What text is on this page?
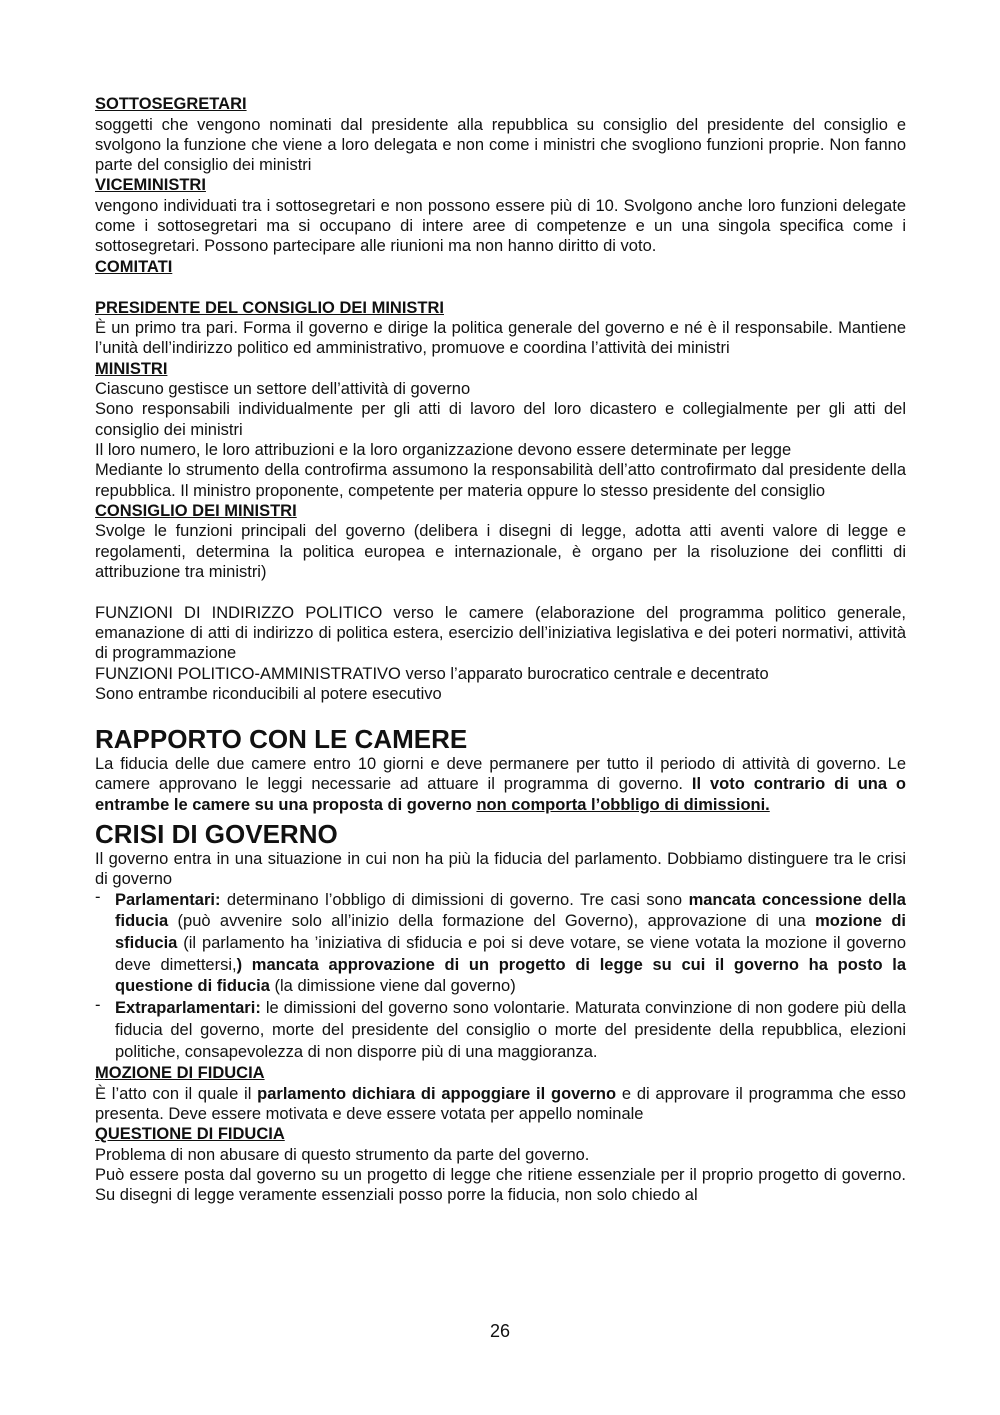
SOTTOSEGRETARI
soggetti che vengono nominati dal presidente alla repubblica su consiglio del presidente del consiglio e svolgono la funzione che viene a loro delegata e non come i ministri che svogliono funzioni proprie. Non fanno parte del consiglio dei ministri
VICEMINISTRI
vengono individuati tra i sottosegretari e non possono essere più di 10. Svolgono anche loro funzioni delegate come i sottosegretari ma si occupano di intere aree di competenze e un una singola specifica come i sottosegretari. Possono partecipare alle riunioni ma non hanno diritto di voto.
COMITATI
PRESIDENTE DEL CONSIGLIO DEI MINISTRI
È un primo tra pari. Forma il governo e dirige la politica generale del governo e né è il responsabile. Mantiene l’unità dell’indirizzo politico ed amministrativo, promuove e coordina l’attività dei ministri
MINISTRI
Ciascuno gestisce un settore dell’attività di governo
Sono responsabili individualmente per gli atti di lavoro del loro dicastero e collegialmente per gli atti del consiglio dei ministri
Il loro numero, le loro attribuzioni e la loro organizzazione devono essere determinate per legge
Mediante lo strumento della controfirma assumono la responsabilità dell’atto controfirmato dal presidente della repubblica. Il ministro proponente, competente per materia oppure lo stesso presidente del consiglio
CONSIGLIO DEI MINISTRI
Svolge le funzioni principali del governo (delibera i disegni di legge, adotta atti aventi valore di legge e regolamenti, determina la politica europea e internazionale, è organo per la risoluzione dei conflitti di attribuzione tra ministri)
FUNZIONI DI INDIRIZZO POLITICO verso le camere (elaborazione del programma politico generale, emanazione di atti di indirizzo di politica estera, esercizio dell’iniziativa legislativa e dei poteri normativi, attività di programmazione
FUNZIONI POLITICO-AMMINISTRATIVO verso l’apparato burocratico centrale e decentrato
Sono entrambe riconducibili al potere esecutivo
RAPPORTO CON LE CAMERE
La fiducia delle due camere entro 10 giorni e deve permanere per tutto il periodo di attività di governo. Le camere approvano le leggi necessarie ad attuare il programma di governo. Il voto contrario di una o entrambe le camere su una proposta di governo non comporta l’obbligo di dimissioni.
CRISI DI GOVERNO
Il governo entra in una situazione in cui non ha più la fiducia del parlamento. Dobbiamo distinguere tra le crisi di governo
- Parlamentari: determinano l’obbligo di dimissioni di governo. Tre casi sono mancata concessione della fiducia (può avvenire solo all’inizio della formazione del Governo), approvazione di una mozione di sfiducia (il parlamento ha ’iniziativa di sfiducia e poi si deve votare, se viene votata la mozione il governo deve dimettersi,) mancata approvazione di un progetto di legge su cui il governo ha posto la questione di fiducia (la dimissione viene dal governo)
- Extraparlamentari: le dimissioni del governo sono volontarie. Maturata convinzione di non godere più della fiducia del governo, morte del presidente del consiglio o morte del presidente della repubblica, elezioni politiche, consapevolezza di non disporre più di una maggioranza.
MOZIONE DI FIDUCIA
È l’atto con il quale il parlamento dichiara di appoggiare il governo e di approvare il programma che esso presenta. Deve essere motivata e deve essere votata per appello nominale
QUESTIONE DI FIDUCIA
Problema di non abusare di questo strumento da parte del governo.
Può essere posta dal governo su un progetto di legge che ritiene essenziale per il proprio progetto di governo. Su disegni di legge veramente essenziali posso porre la fiducia, non solo chiedo al
26
